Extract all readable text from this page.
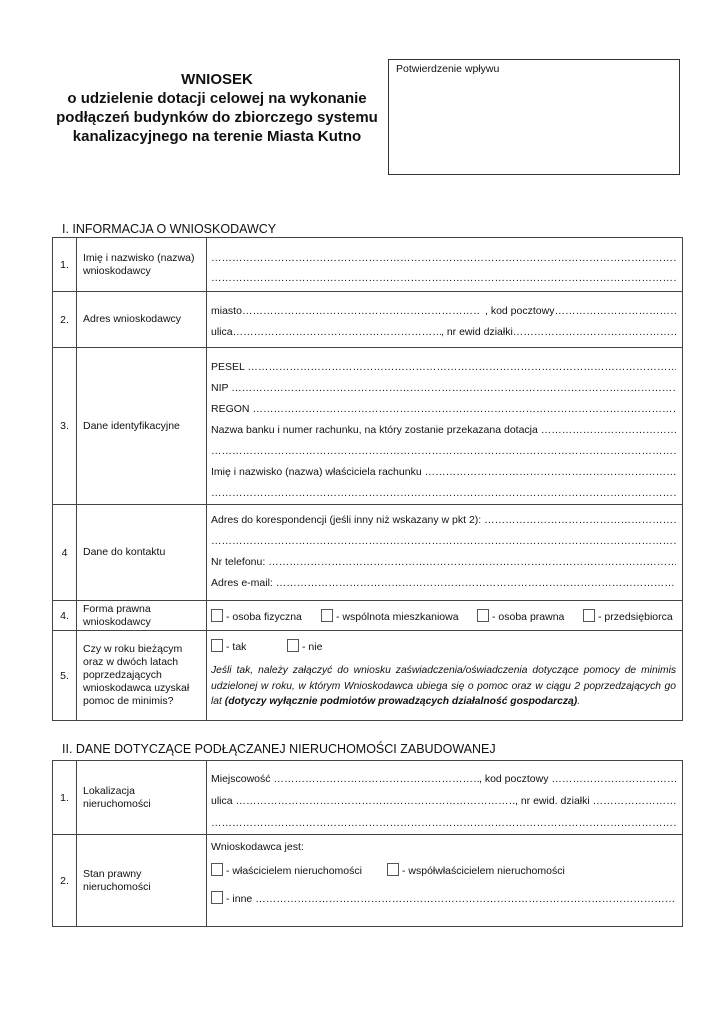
WNIOSEK
o udzielenie dotacji celowej na wykonanie
podłączeń budynków do zbiorczego systemu
kanalizacyjnego na terenie Miasta Kutno
Potwierdzenie wpływu
I. INFORMACJA O WNIOSKODAWCY
1.	Imię i nazwisko (nazwa) wnioskodawcy	
………………………………………………………………………………………………………………………………………………………………………………
………………………………………………………………………………………………………………………………………………………………………………

2.	Adres wnioskodawcy	miasto ……………………………………………………………………………………………………………………………………………………………………………… , kod pocztowy ………………………………………………………………………………………………………………………………………………………………………………
ulica ……………………………………………………………………………………………………………………………………………………………………………… , nr ewid działki ………………………………………………………………………………………………………………………………………………………………………………

3.	Dane identyfikacyjne	PESEL ………………………………………………………………………………………………………………………………………………………………………………
NIP ………………………………………………………………………………………………………………………………………………………………………………
REGON ………………………………………………………………………………………………………………………………………………………………………………
Nazwa banku i numer rachunku, na który zostanie przekazana dotacja ………………………………………………………………………………………………………………………………………………………………………………
………………………………………………………………………………………………………………………………………………………………………………
Imię i nazwisko (nazwa) właściciela rachunku ………………………………………………………………………………………………………………………………………………………………………………
………………………………………………………………………………………………………………………………………………………………………………

4	Dane do kontaktu	Adres do korespondencji (jeśli inny niż wskazany w pkt 2): ………………………………………………………………………………………………………………………………………………………………………………
………………………………………………………………………………………………………………………………………………………………………………
Nr telefonu: ………………………………………………………………………………………………………………………………………………………………………………
Adres e-mail: ………………………………………………………………………………………………………………………………………………………………………………

4.	Forma prawna wnioskodawcy	- osoba fizyczna - wspólnota mieszkaniowa - osoba prawna - przedsiębiorca

5.	Czy w roku bieżącym oraz w dwóch latach poprzedzających wnioskodawca uzyskał pomoc de minimis?	- tak - nie
Jeśli tak, należy załączyć do wniosku zaświadczenia/oświadczenia dotyczące pomocy de minimis udzielonej w roku, w którym Wnioskodawca ubiega się o pomoc oraz w ciągu 2 poprzedzających go lat (dotyczy wyłącznie podmiotów prowadzących działalność gospodarczą).
II. DANE DOTYCZĄCE PODŁĄCZANEJ NIERUCHOMOŚCI ZABUDOWANEJ
1.	Lokalizacja nieruchomości	Miejscowość ……………………………………………………………………………………………………………………………………………………………………………… , kod pocztowy ………………………………………………………………………………………………………………………………………………………………………………
ulica ……………………………………………………………………………………………………………………………………………………………………………… , nr ewid. działki ………………………………………………………………………………………………………………………………………………………………………………
………………………………………………………………………………………………………………………………………………………………………………

2.	Stan prawny nieruchomości	Wnioskodawca jest:
- właścicielem nieruchomości - współwłaścicielem nieruchomości
- inne ………………………………………………………………………………………………………………………………………………………………………………
